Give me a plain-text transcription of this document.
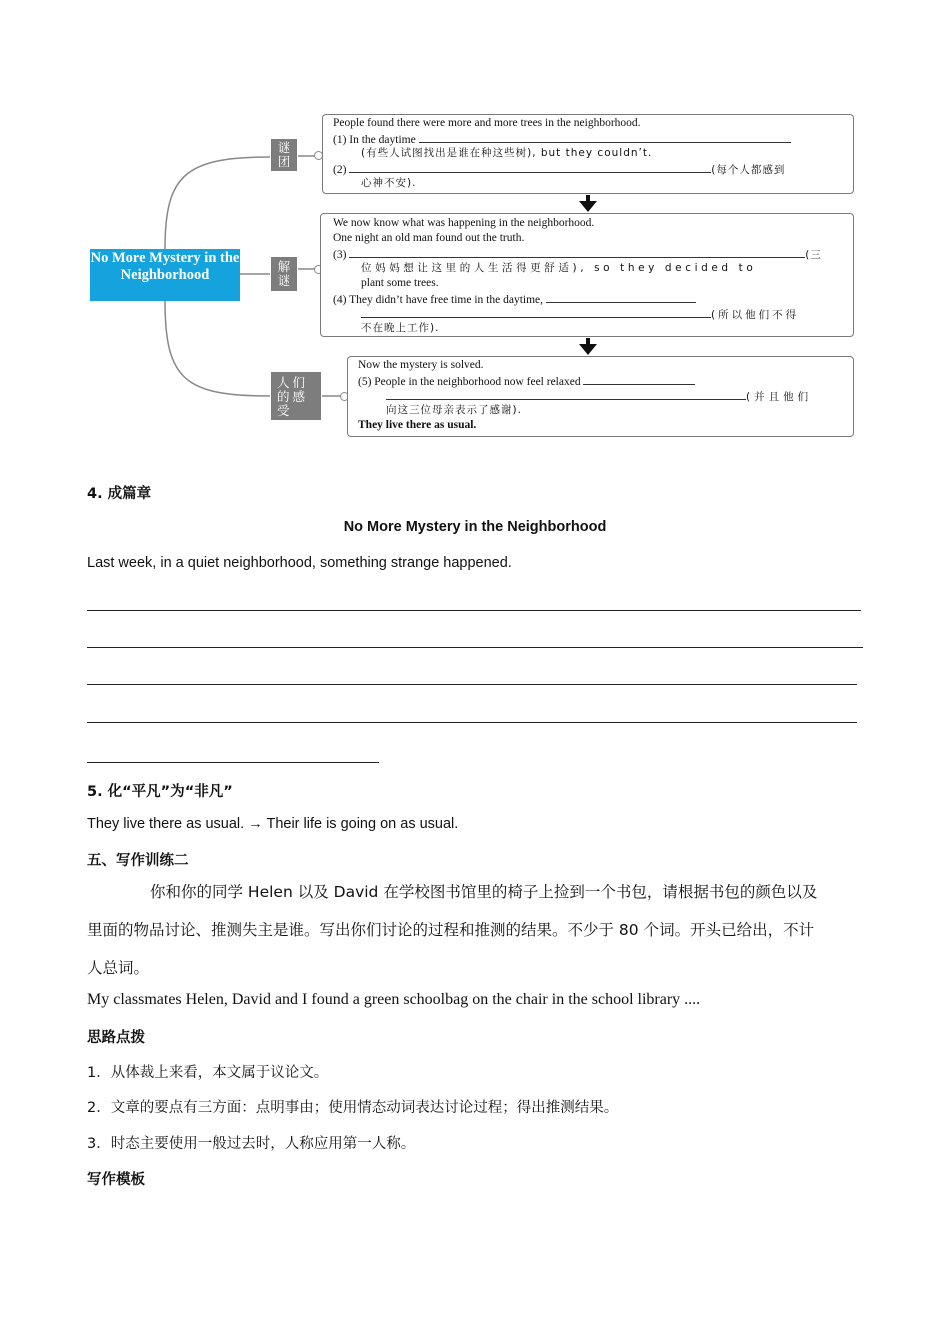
No More Mystery in the Neighborhood
谜团
解谜
人们的感受
People found there were more and more trees in the neighborhood.
(1) In the daytime
(有些人试图找出是谁在种这些树), but they couldn’t.
(2)	(每个人都感到
心神不安).
We now know what was happening in the neighborhood.
One night an old man found out the truth.
(3)	(三
位妈妈想让这里的人生活得更舒适), so they decided to
plant some trees.
(4) They didn’t have free time in the daytime,
(所以他们不得
不在晚上工作).
Now the mystery is solved.
(5) People in the neighborhood now feel relaxed
(并且他们
向这三位母亲表示了感谢).
They live there as usual.
4. 成篇章
No More Mystery in the Neighborhood
Last week, in a quiet neighborhood, something strange happened.
5. 化“平凡”为“非凡”
They live there as usual. → Their life is going on as usual.
五、写作训练二
你和你的同学 Helen 以及 David 在学校图书馆里的椅子上捡到一个书包，请根据书包的颜色以及
里面的物品讨论、推测失主是谁。写出你们讨论的过程和推测的结果。不少于 80 个词。开头已给出，不计
人总词。
My classmates Helen, David and I found a green schoolbag on the chair in the school library ....
思路点拨
1．从体裁上来看，本文属于议论文。
2．文章的要点有三方面：点明事由；使用情态动词表达讨论过程；得出推测结果。
3．时态主要使用一般过去时，人称应用第一人称。
写作模板
